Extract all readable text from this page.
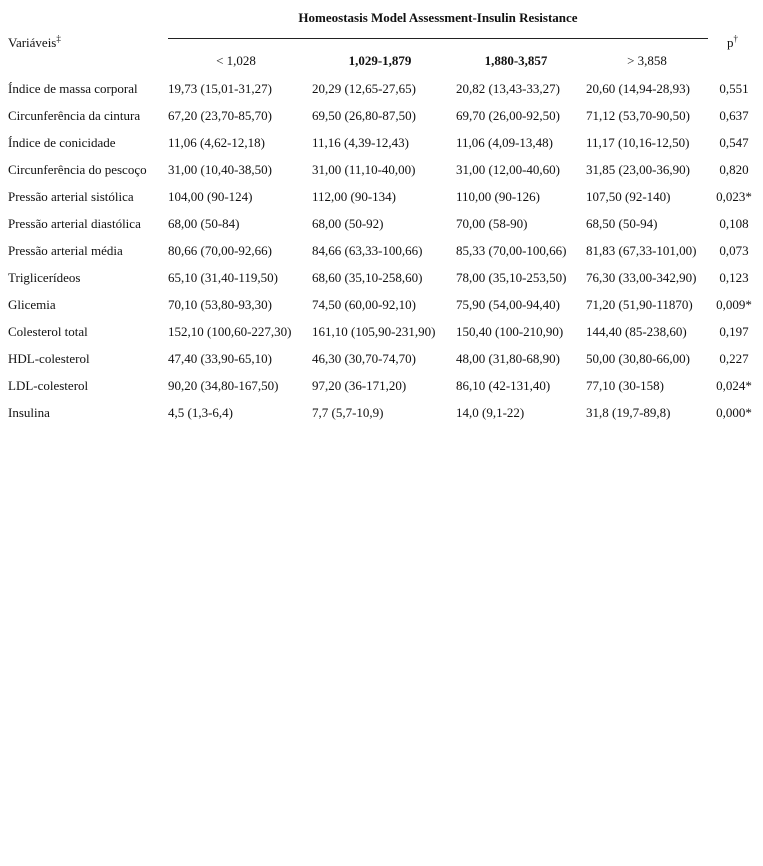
Homeostasis Model Assessment-Insulin Resistance
Variáveis‡	p†
< 1,028	1,029-1,879	1,880-3,857	> 3,858
Índice de massa corporal 19,73 (15,01-31,27)	20,29 (12,65-27,65)	20,82 (13,43-33,27) 20,60 (14,94-28,93)	0,551
Circunferência da cintura 67,20 (23,70-85,70)	69,50 (26,80-87,50)	69,70 (26,00-92,50) 71,12 (53,70-90,50)	0,637
Índice de conicidade	11,06 (4,62-12,18)	11,16 (4,39-12,43)	11,06 (4,09-13,48)	11,17 (10,16-12,50)	0,547
Circunferência do pescoço 31,00 (10,40-38,50)	31,00 (11,10-40,00)	31,00 (12,00-40,60) 31,85 (23,00-36,90)	0,820
Pressão arterial sistólica	104,00 (90-124)	112,00 (90-134)	110,00 (90-126)	107,50 (92-140)	0,023*
Pressão arterial diastólica 68,00 (50-84)	68,00 (50-92)	70,00 (58-90)	68,50 (50-94)	0,108
Pressão arterial média	80,66 (70,00-92,66)	84,66 (63,33-100,66)	85,33 (70,00-100,66) 81,83 (67,33-101,00)	0,073
Triglicerídeos	65,10 (31,40-119,50)	68,60 (35,10-258,60)	78,00 (35,10-253,50) 76,30 (33,00-342,90)	0,123
Glicemia	70,10 (53,80-93,30)	74,50 (60,00-92,10)	75,90 (54,00-94,40) 71,20 (51,90-11870)	0,009*
Colesterol total	152,10 (100,60-227,30) 161,10 (105,90-231,90) 150,40 (100-210,90) 144,40 (85-238,60)	0,197
HDL-colesterol	47,40 (33,90-65,10)	46,30 (30,70-74,70)	48,00 (31,80-68,90) 50,00 (30,80-66,00)	0,227
LDL-colesterol	90,20 (34,80-167,50)	97,20 (36-171,20)	86,10 (42-131,40)	77,10 (30-158)	0,024*
Insulina	4,5 (1,3-6,4)	7,7 (5,7-10,9)	14,0 (9,1-22)	31,8 (19,7-89,8)	0,000*
